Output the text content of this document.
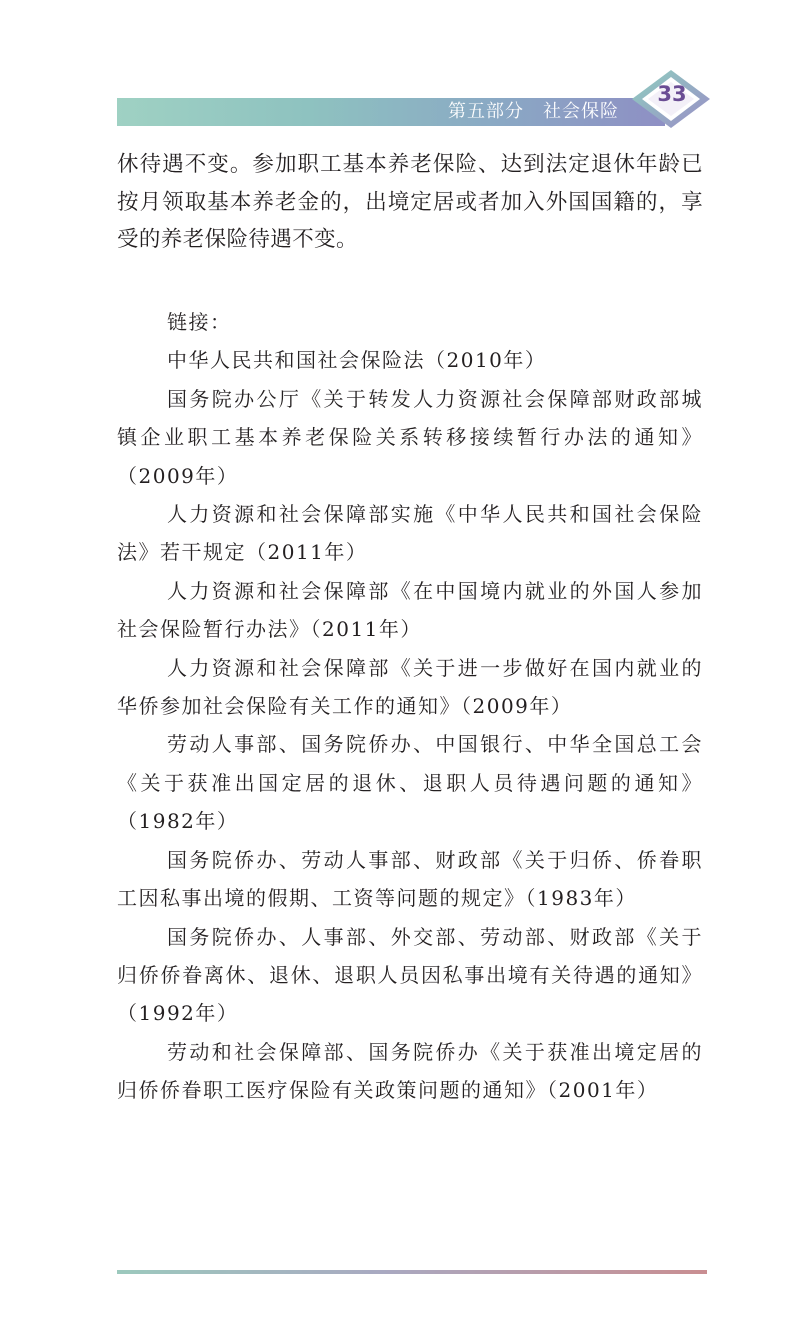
第五部分　社会保险
33
休待遇不变。参加职工基本养老保险、达到法定退休年龄已按月领取基本养老金的，出境定居或者加入外国国籍的，享受的养老保险待遇不变。

链接：

中华人民共和国社会保险法（2010年）

国务院办公厅《关于转发人力资源社会保障部财政部城镇企业职工基本养老保险关系转移接续暂行办法的通知》（2009年）

人力资源和社会保障部实施《中华人民共和国社会保险法》若干规定（2011年）

人力资源和社会保障部《在中国境内就业的外国人参加社会保险暂行办法》（2011年）

人力资源和社会保障部《关于进一步做好在国内就业的华侨参加社会保险有关工作的通知》（2009年）

劳动人事部、国务院侨办、中国银行、中华全国总工会《关于获准出国定居的退休、退职人员待遇问题的通知》（1982年）

国务院侨办、劳动人事部、财政部《关于归侨、侨眷职工因私事出境的假期、工资等问题的规定》（1983年）

国务院侨办、人事部、外交部、劳动部、财政部《关于归侨侨眷离休、退休、退职人员因私事出境有关待遇的通知》（1992年）

劳动和社会保障部、国务院侨办《关于获准出境定居的归侨侨眷职工医疗保险有关政策问题的通知》（2001年）
